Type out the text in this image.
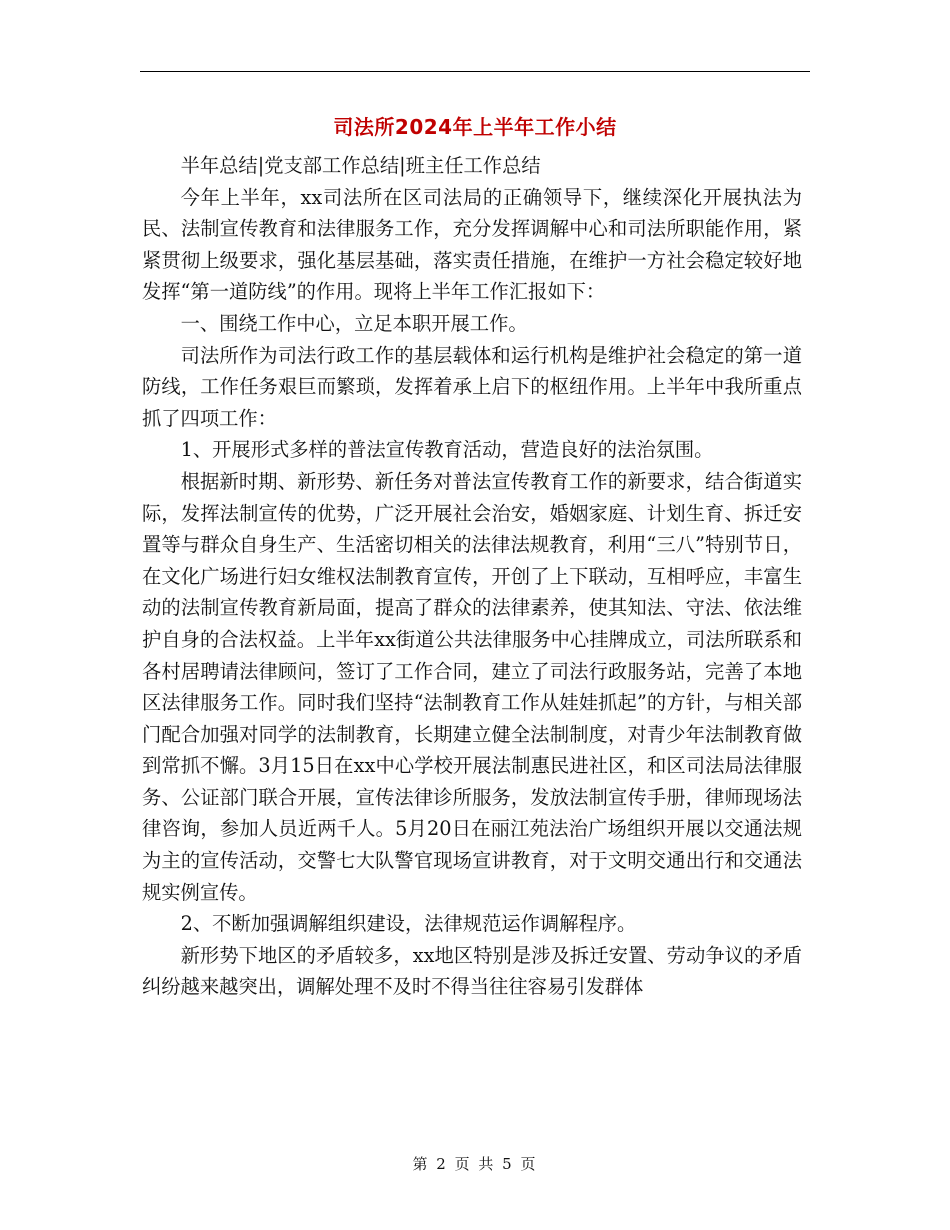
司法所2024年上半年工作小结

半年总结|党支部工作总结|班主任工作总结

今年上半年，xx司法所在区司法局的正确领导下，继续深化开展执法为民、法制宣传教育和法律服务工作，充分发挥调解中心和司法所职能作用，紧紧贯彻上级要求，强化基层基础，落实责任措施，在维护一方社会稳定较好地发挥“第一道防线”的作用。现将上半年工作汇报如下：

一、围绕工作中心，立足本职开展工作。

司法所作为司法行政工作的基层载体和运行机构是维护社会稳定的第一道防线，工作任务艰巨而繁琐，发挥着承上启下的枢纽作用。上半年中我所重点抓了四项工作：

1、开展形式多样的普法宣传教育活动，营造良好的法治氛围。

根据新时期、新形势、新任务对普法宣传教育工作的新要求，结合街道实际，发挥法制宣传的优势，广泛开展社会治安，婚姻家庭、计划生育、拆迁安置等与群众自身生产、生活密切相关的法律法规教育，利用“三八”特别节日，在文化广场进行妇女维权法制教育宣传，开创了上下联动，互相呼应，丰富生动的法制宣传教育新局面，提高了群众的法律素养，使其知法、守法、依法维护自身的合法权益。上半年xx街道公共法律服务中心挂牌成立，司法所联系和各村居聘请法律顾问，签订了工作合同，建立了司法行政服务站，完善了本地区法律服务工作。同时我们坚持“法制教育工作从娃娃抓起”的方针，与相关部门配合加强对同学的法制教育，长期建立健全法制制度，对青少年法制教育做到常抓不懈。3月15日在xx中心学校开展法制惠民进社区，和区司法局法律服务、公证部门联合开展，宣传法律诊所服务，发放法制宣传手册，律师现场法律咨询，参加人员近两千人。5月20日在丽江苑法治广场组织开展以交通法规为主的宣传活动，交警七大队警官现场宣讲教育，对于文明交通出行和交通法规实例宣传。

2、不断加强调解组织建设，法律规范运作调解程序。

新形势下地区的矛盾较多，xx地区特别是涉及拆迁安置、劳动争议的矛盾纠纷越来越突出，调解处理不及时不得当往往容易引发群体

第 2 页 共 5 页
